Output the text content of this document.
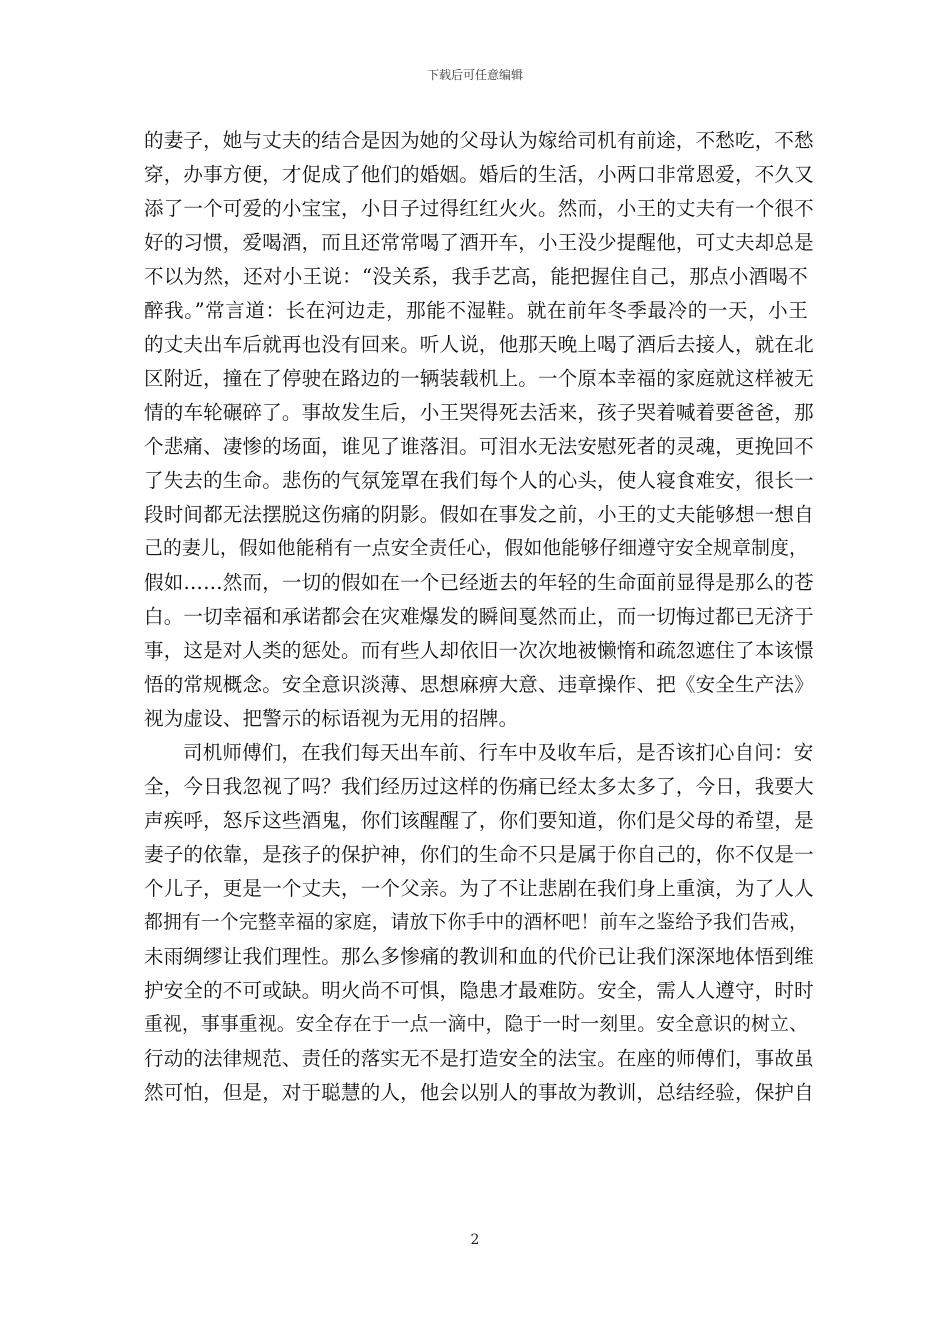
下载后可任意编辑
的妻子，她与丈夫的结合是因为她的父母认为嫁给司机有前途，不愁吃，不愁
穿，办事方便，才促成了他们的婚姻。婚后的生活，小两口非常恩爱，不久又
添了一个可爱的小宝宝，小日子过得红红火火。然而，小王的丈夫有一个很不
好的习惯，爱喝酒，而且还常常喝了酒开车，小王没少提醒他，可丈夫却总是
不以为然，还对小王说：“没关系，我手艺高，能把握住自己，那点小酒喝不
醉我。”常言道：长在河边走，那能不湿鞋。就在前年冬季最冷的一天，小王
的丈夫出车后就再也没有回来。听人说，他那天晚上喝了酒后去接人，就在北
区附近，撞在了停驶在路边的一辆装载机上。一个原本幸福的家庭就这样被无
情的车轮碾碎了。事故发生后，小王哭得死去活来，孩子哭着喊着要爸爸，那
个悲痛、凄惨的场面，谁见了谁落泪。可泪水无法安慰死者的灵魂，更挽回不
了失去的生命。悲伤的气氛笼罩在我们每个人的心头，使人寝食难安，很长一
段时间都无法摆脱这伤痛的阴影。假如在事发之前，小王的丈夫能够想一想自
己的妻儿，假如他能稍有一点安全责任心，假如他能够仔细遵守安全规章制度，
假如……然而，一切的假如在一个已经逝去的年轻的生命面前显得是那么的苍
白。一切幸福和承诺都会在灾难爆发的瞬间戛然而止，而一切悔过都已无济于
事，这是对人类的惩处。而有些人却依旧一次次地被懒惰和疏忽遮住了本该憬
悟的常规概念。安全意识淡薄、思想麻痹大意、违章操作、把《安全生产法》
视为虚设、把警示的标语视为无用的招牌。
司机师傅们，在我们每天出车前、行车中及收车后，是否该扪心自问：安
全，今日我忽视了吗？我们经历过这样的伤痛已经太多太多了，今日，我要大
声疾呼，怒斥这些酒鬼，你们该醒醒了，你们要知道，你们是父母的希望，是
妻子的依靠，是孩子的保护神，你们的生命不只是属于你自己的，你不仅是一
个儿子，更是一个丈夫，一个父亲。为了不让悲剧在我们身上重演，为了人人
都拥有一个完整幸福的家庭，请放下你手中的酒杯吧！前车之鉴给予我们告戒，
未雨绸缪让我们理性。那么多惨痛的教训和血的代价已让我们深深地体悟到维
护安全的不可或缺。明火尚不可惧，隐患才最难防。安全，需人人遵守，时时
重视，事事重视。安全存在于一点一滴中，隐于一时一刻里。安全意识的树立、
行动的法律规范、责任的落实无不是打造安全的法宝。在座的师傅们，事故虽
然可怕，但是，对于聪慧的人，他会以别人的事故为教训，总结经验，保护自
2
